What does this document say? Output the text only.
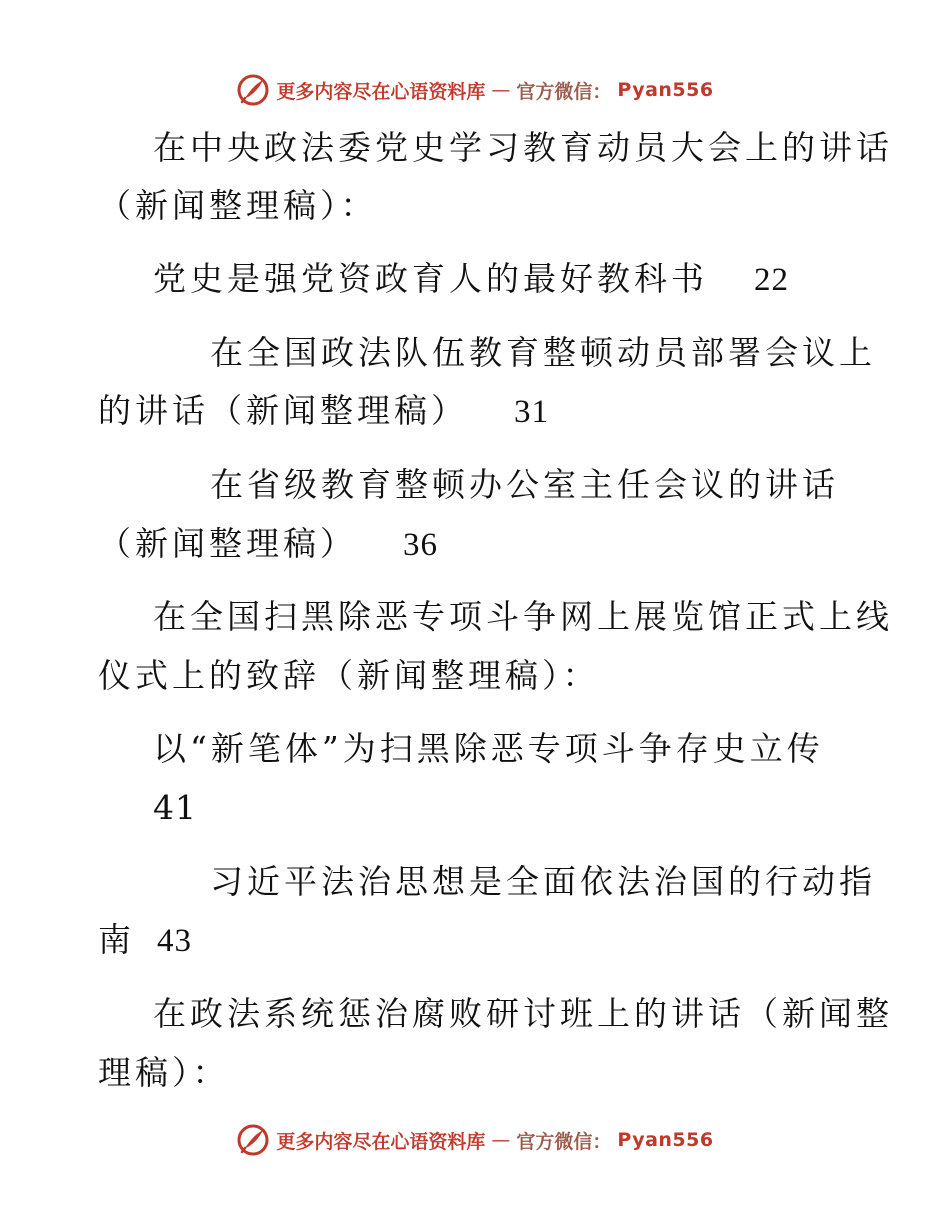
更多内容尽在心语资料库 — 官方微信： Pyan556
在中央政法委党史学习教育动员大会上的讲话
（新闻整理稿）：
党史是强党资政育人的最好教科书 22
在全国政法队伍教育整顿动员部署会议上
的讲话（新闻整理稿） 31
在省级教育整顿办公室主任会议的讲话
（新闻整理稿） 36
在全国扫黑除恶专项斗争网上展览馆正式上线
仪式上的致辞（新闻整理稿）：
以“新笔体”为扫黑除恶专项斗争存史立传
41
习近平法治思想是全面依法治国的行动指
南 43
在政法系统惩治腐败研讨班上的讲话（新闻整
理稿）：
更多内容尽在心语资料库 — 官方微信： Pyan556
